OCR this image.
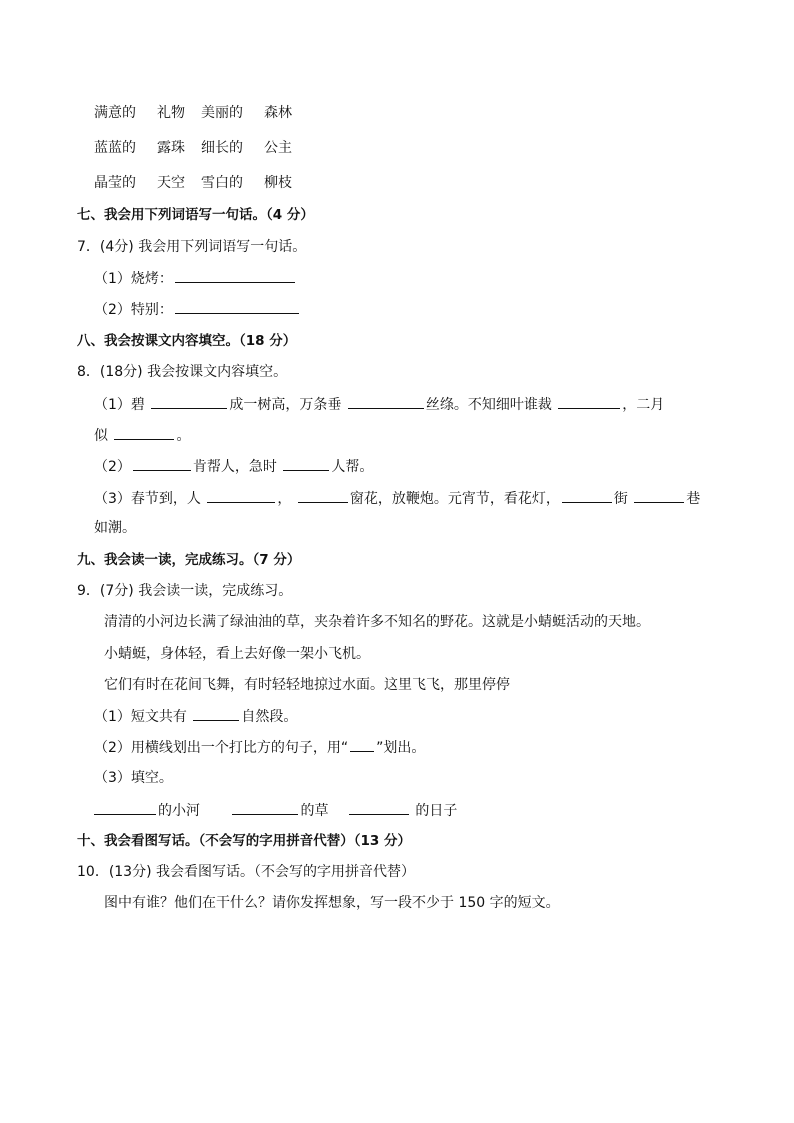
满意的 礼物 美丽的 森林
蓝蓝的 露珠 细长的 公主
晶莹的 天空 雪白的 柳枝
七、我会用下列词语写一句话。（4 分）
7．(4分) 我会用下列词语写一句话。
（1）烧烤：
（2）特别：
八、我会按课文内容填空。（18 分）
8．(18分) 我会按课文内容填空。
（1）碧	成一树高，万条垂	丝绦。不知细叶谁裁	，二月
似	。
（2）	肯帮人，急时	人帮。
（3）春节到，人	，	窗花，放鞭炮。元宵节，看花灯，	街	巷
如潮。
九、我会读一读，完成练习。（7 分）
9．(7分) 我会读一读，完成练习。
清清的小河边长满了绿油油的草，夹杂着许多不知名的野花。这就是小蜻蜓活动的天地。
小蜻蜓，身体轻，看上去好像一架小飞机。
它们有时在花间飞舞，有时轻轻地掠过水面。这里飞飞，那里停停
（1）短文共有	自然段。
（2）用横线划出一个打比方的句子，用“ ”划出。
（3）填空。
的小河	的草	的日子
十、我会看图写话。（不会写的字用拼音代替）（13 分）
10．(13分) 我会看图写话。（不会写的字用拼音代替）
图中有谁？他们在干什么？请你发挥想象，写一段不少于 150 字的短文。
